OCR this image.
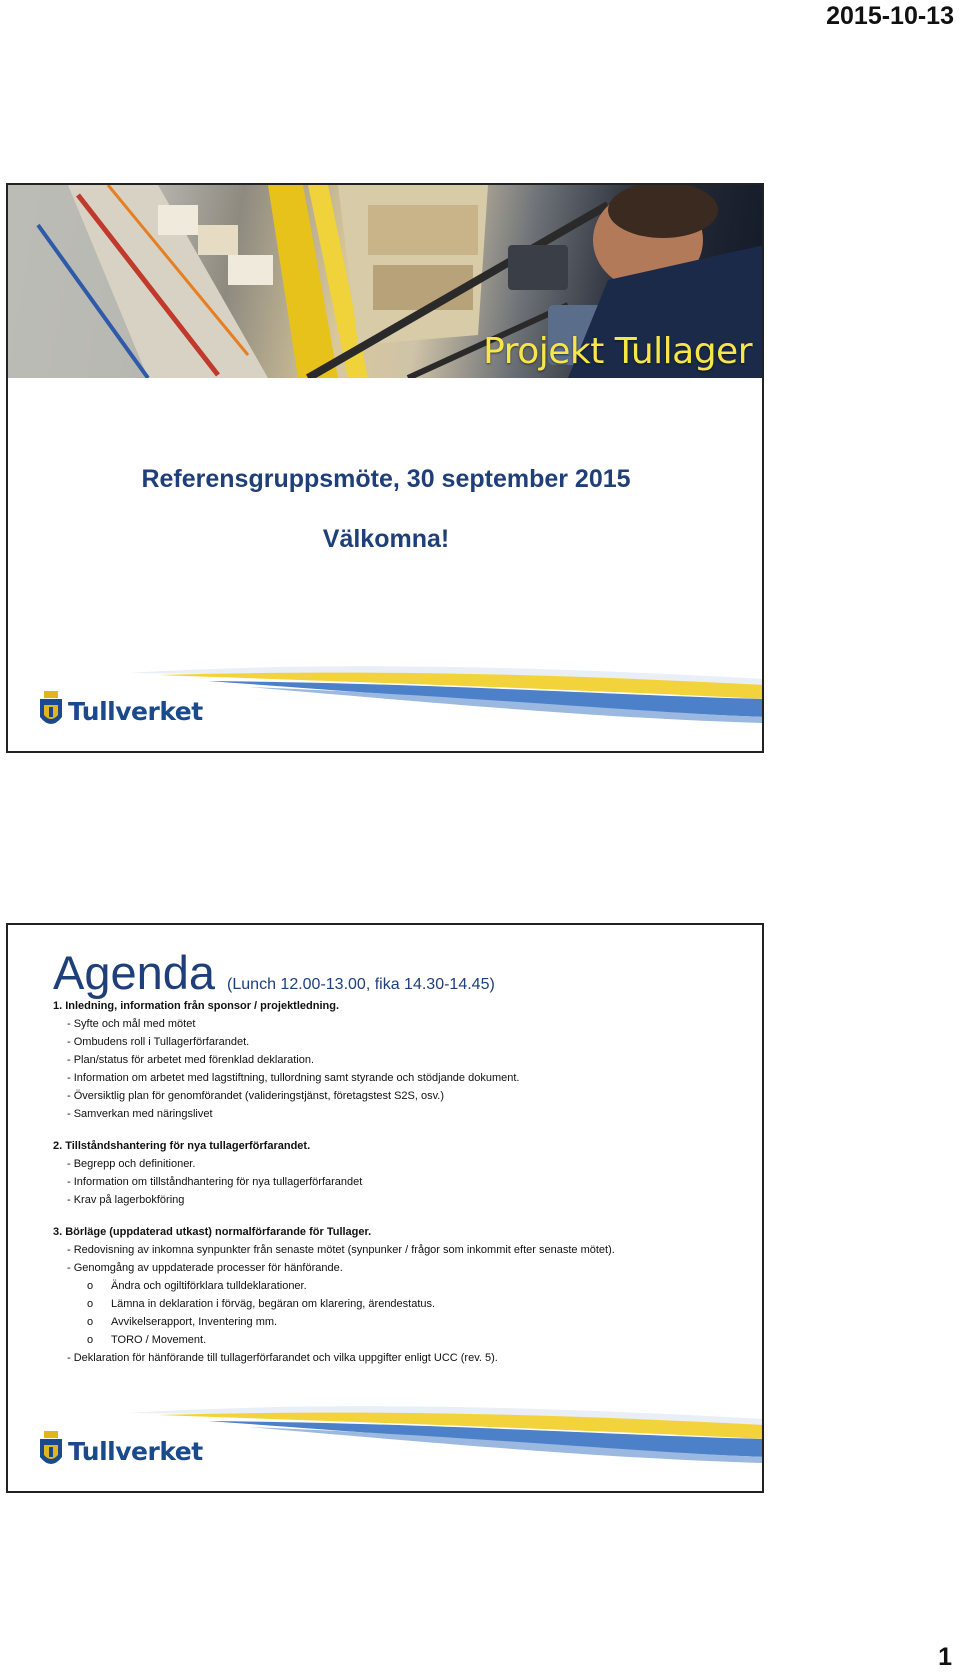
2015-10-13
Projekt Tullager
Referensgruppsmöte, 30 september 2015
Välkomna!
Tullverket
Agenda (Lunch 12.00-13.00, fika 14.30-14.45)
1. Inledning, information från sponsor / projektledning.
- Syfte och mål med mötet
- Ombudens roll i Tullagerförfarandet.
- Plan/status för arbetet med förenklad deklaration.
- Information om arbetet med lagstiftning, tullordning samt styrande och stödjande dokument.
- Översiktlig plan för genomförandet (valideringstjänst, företagstest S2S, osv.)
- Samverkan med näringslivet
2. Tillståndshantering för nya tullagerförfarandet.
- Begrepp och definitioner.
- Information om tillståndhantering för nya tullagerförfarandet
- Krav på lagerbokföring
3. Börläge (uppdaterad utkast) normalförfarande för Tullager.
- Redovisning av inkomna synpunkter från senaste mötet (synpunker / frågor som inkommit efter senaste mötet).
- Genomgång av uppdaterade processer för hänförande.
o Ändra och ogiltiförklara tulldeklarationer.
o Lämna in deklaration i förväg, begäran om klarering, ärendestatus.
o Avvikelserapport, Inventering mm.
o TORO / Movement.
- Deklaration för hänförande till tullagerförfarandet och vilka uppgifter enligt UCC (rev. 5).
Tullverket
1
